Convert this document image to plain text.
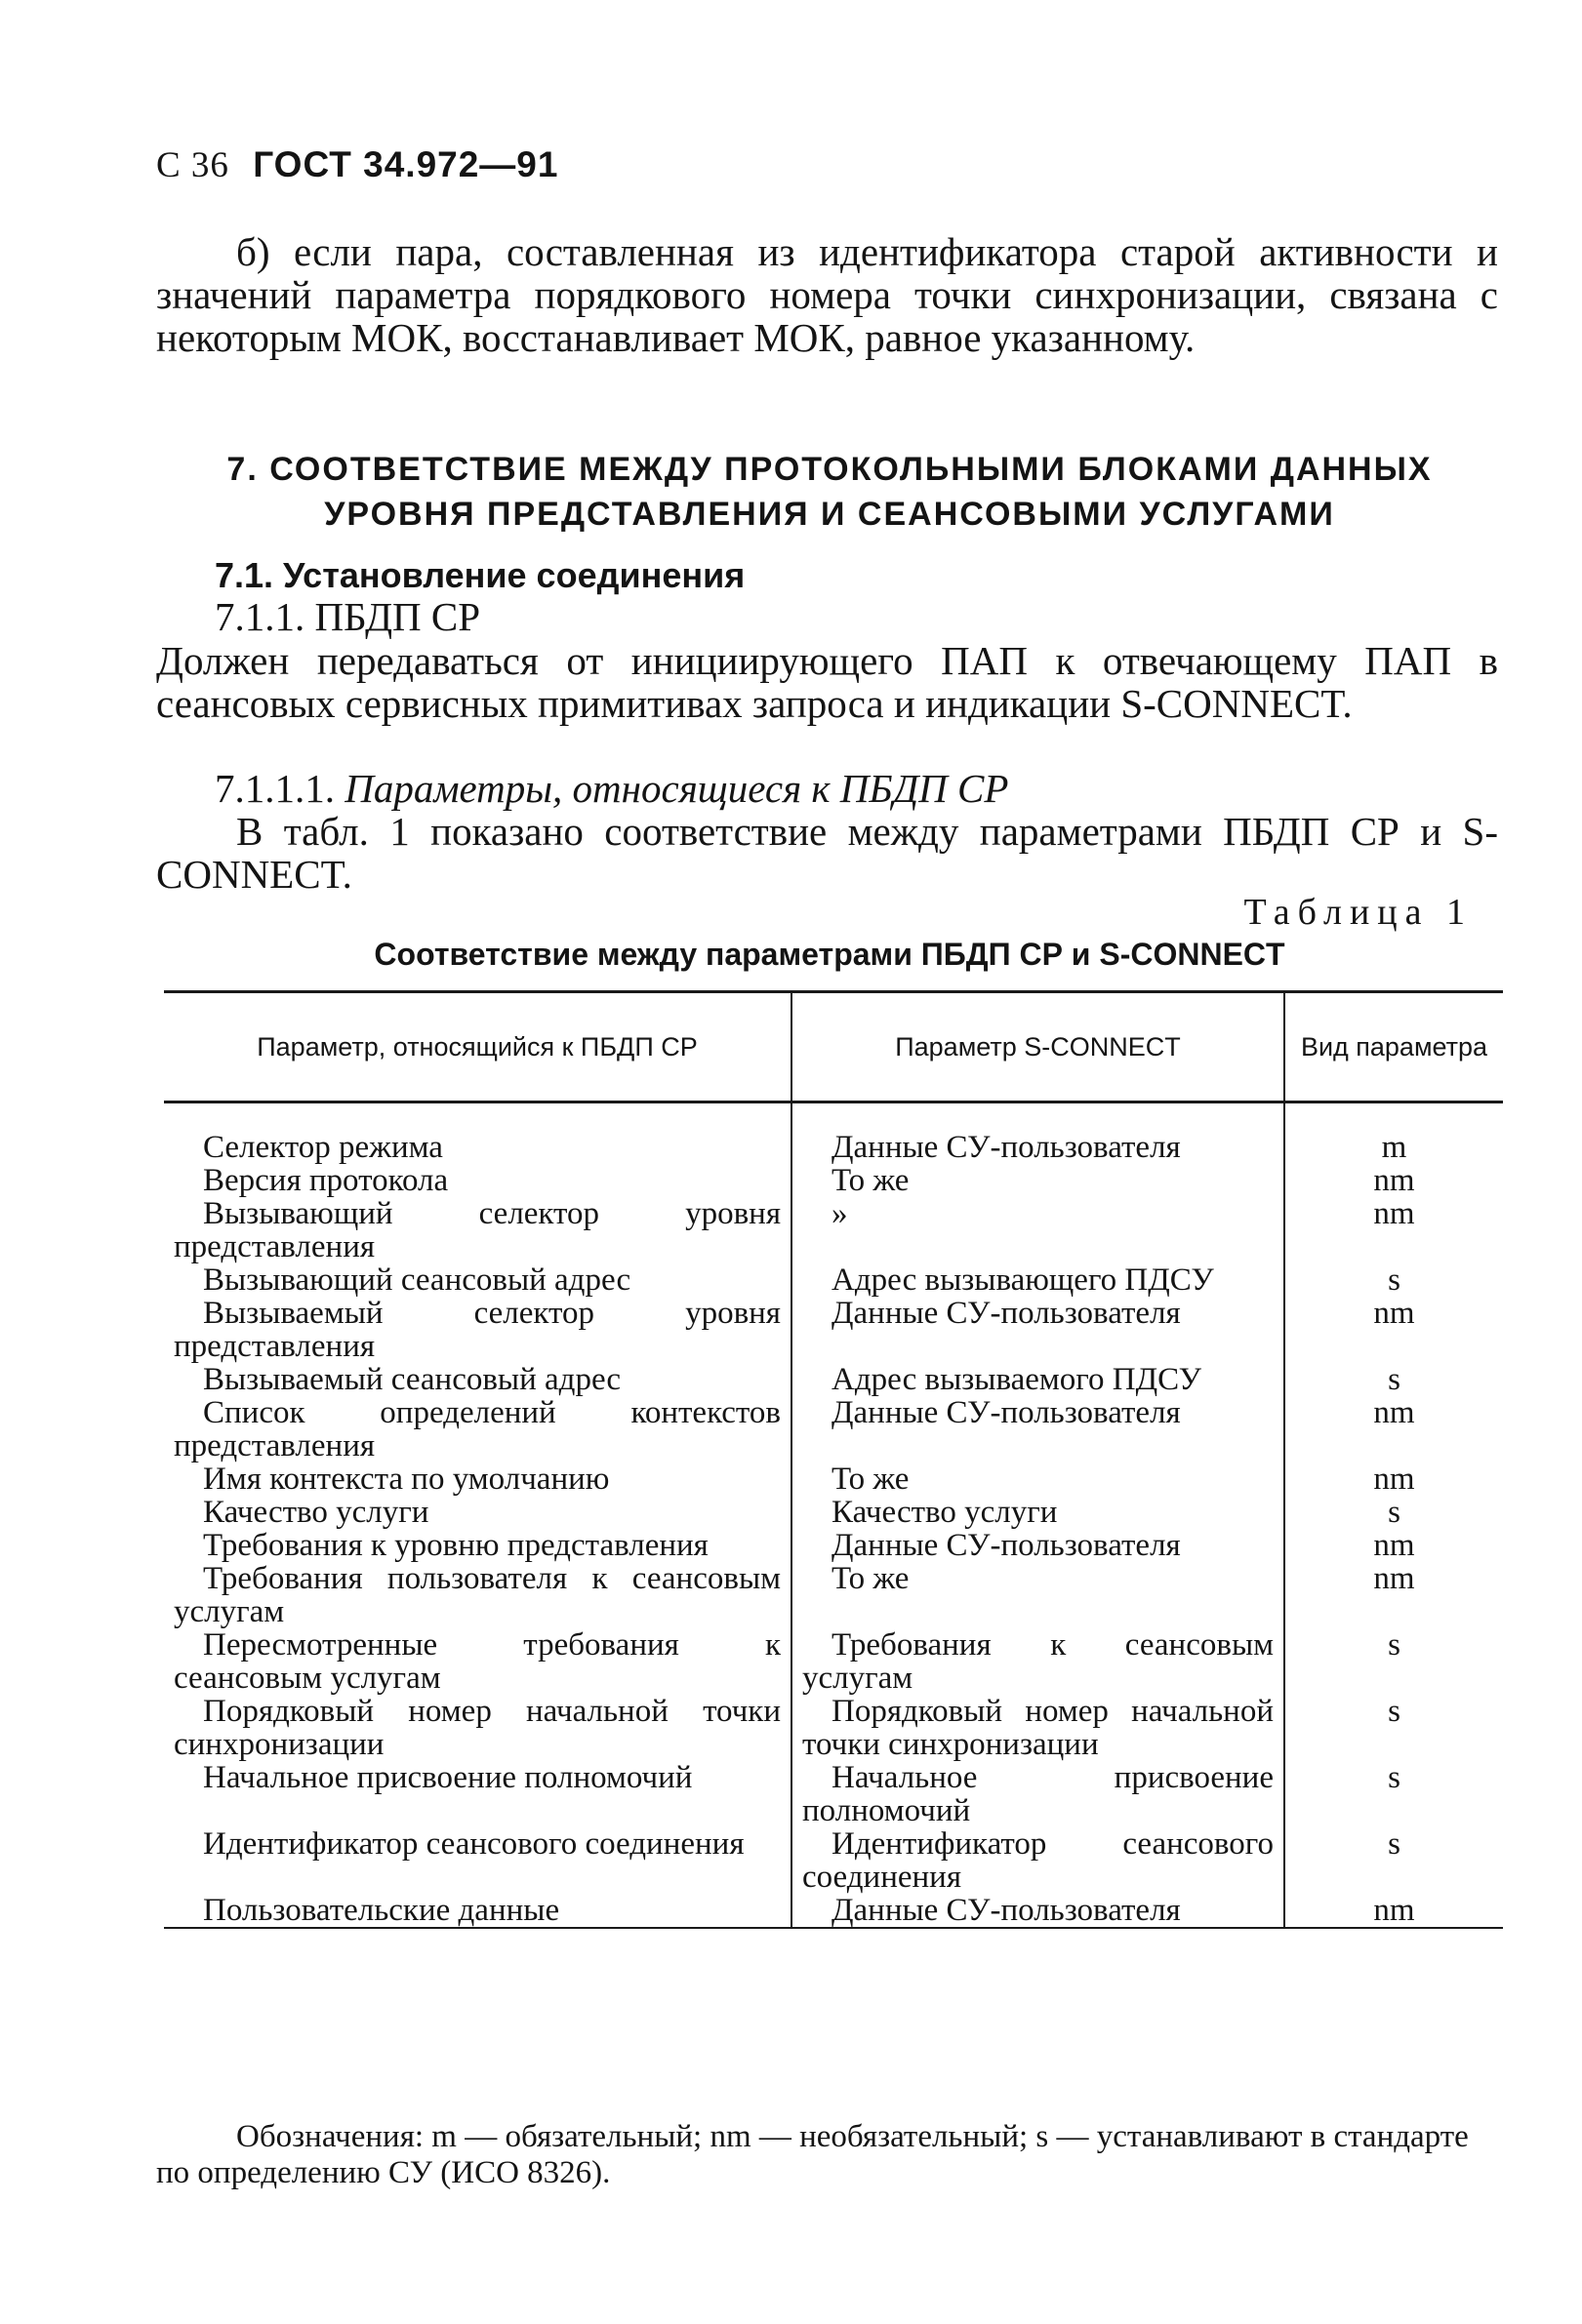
С 36 ГОСТ 34.972—91
б) если пара, составленная из идентификатора старой активности и значений параметра порядкового номера точки синхронизации, связана с некоторым МОК, восстанавливает МОК, равное указанному.
7. СООТВЕТСТВИЕ МЕЖДУ ПРОТОКОЛЬНЫМИ БЛОКАМИ ДАННЫХ
УРОВНЯ ПРЕДСТАВЛЕНИЯ И СЕАНСОВЫМИ УСЛУГАМИ
7.1. Установление соединения
7.1.1. ПБДП СР
Должен передаваться от инициирующего ПАП к отвечающему ПАП в сеансовых сервисных примитивах запроса и индикации S-CONNECT.
7.1.1.1. Параметры, относящиеся к ПБДП СР
В табл. 1 показано соответствие между параметрами ПБДП СР и S-CONNECT.
Таблица 1
Соответствие между параметрами ПБДП СР и S-CONNECT
Параметр, относящийся к ПБДП СР	Параметр S-CONNECT	Вид параметра

Селектор режима	Данные СУ-пользователя	m
Версия протокола	То же	nm
Вызывающий селектор уровня представления	»	nm
Вызывающий сеансовый адрес	Адрес вызывающего ПДСУ	s
Вызываемый селектор уровня представления	Данные СУ-пользователя	nm
Вызываемый сеансовый адрес	Адрес вызываемого ПДСУ	s
Список определений контекстов представления	Данные СУ-пользователя	nm
Имя контекста по умолчанию	То же	nm
Качество услуги	Качество услуги	s
Требования к уровню представления	Данные СУ-пользователя	nm
Требования пользователя к сеансовым услугам	То же	nm
Пересмотренные требования к сеансовым услугам	Требования к сеансовым услугам	s
Порядковый номер начальной точки синхронизации	Порядковый номер начальной точки синхронизации	s
Начальное присвоение полномочий	Начальное присвоение полномочий	s
Идентификатор сеансового соединения	Идентификатор сеансового соединения	s
Пользовательские данные	Данные СУ-пользователя	nm
Обозначения: m — обязательный; nm — необязательный; s — устанавливают в стандарте по определению СУ (ИСО 8326).
